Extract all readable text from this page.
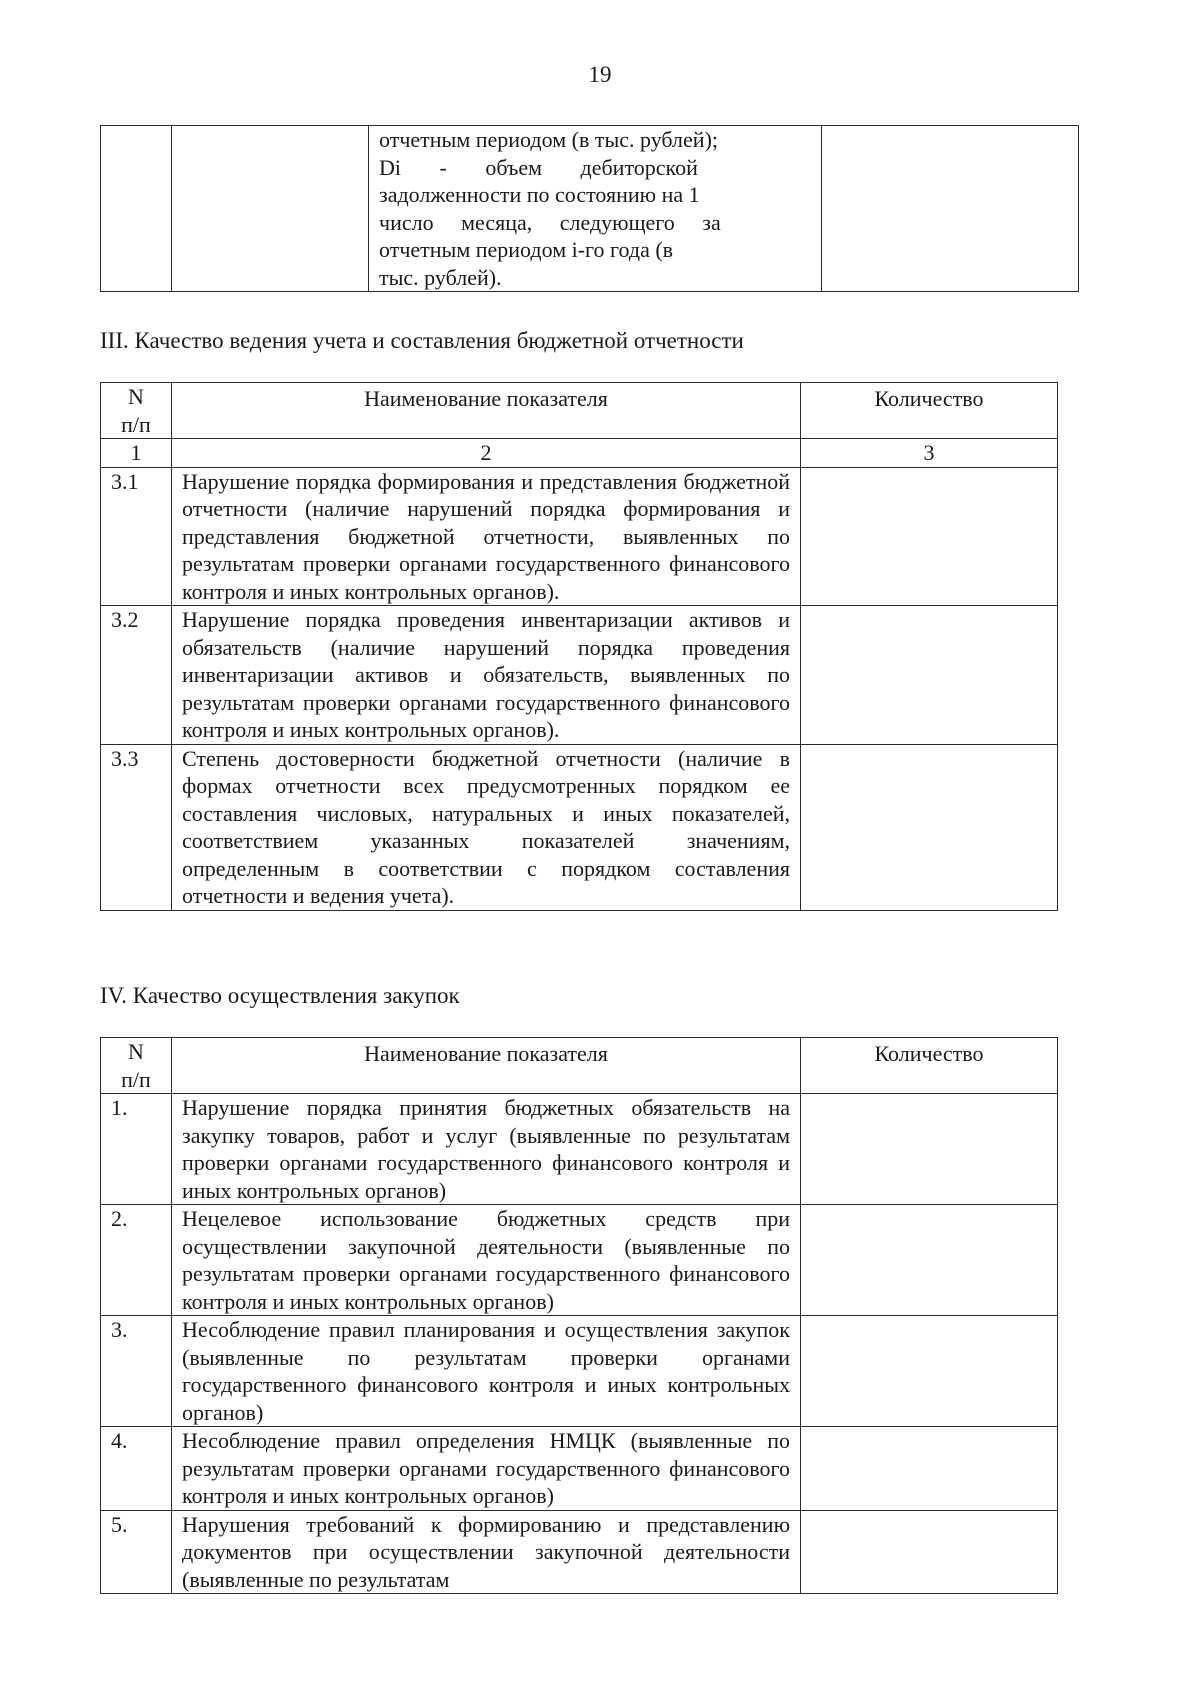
19

отчетным периодом (в тыс. рублей);
Di       -       объем       дебиторской
задолженности по состоянию на 1
число     месяца,     следующего     за
отчетным периодом i-го года (в
тыс. рублей).

III. Качество ведения учета и составления бюджетной отчетности
N
п/п	Наименование показателя	Количество
1	2	3
3.1	Нарушение порядка формирования и представления бюджетной отчетности (наличие нарушений порядка формирования и представления бюджетной отчетности, выявленных по результатам проверки органами государственного финансового контроля и иных контрольных органов).	
3.2	Нарушение порядка проведения инвентаризации активов и обязательств (наличие нарушений порядка проведения инвентаризации активов и обязательств, выявленных по результатам проверки органами государственного финансового контроля и иных контрольных органов).	
3.3	Степень достоверности бюджетной отчетности (наличие в формах отчетности всех предусмотренных порядком ее составления числовых, натуральных и иных показателей, соответствием указанных показателей значениям, определенным в соответствии с порядком составления отчетности и ведения учета).	
IV. Качество осуществления закупок
N
п/п	Наименование показателя	Количество
1.	Нарушение порядка принятия бюджетных обязательств на закупку товаров, работ и услуг (выявленные по результатам проверки органами государственного финансового контроля и иных контрольных органов)	
2.	Нецелевое использование бюджетных средств при осуществлении закупочной деятельности (выявленные по результатам проверки органами государственного финансового контроля и иных контрольных органов)	
3.	Несоблюдение правил планирования и осуществления закупок (выявленные по результатам проверки органами государственного финансового контроля и иных контрольных органов)	
4.	Несоблюдение правил определения НМЦК (выявленные по результатам проверки органами государственного финансового контроля и иных контрольных органов)	
5.	Нарушения требований к формированию и представлению документов при осуществлении закупочной деятельности (выявленные по результатам	
